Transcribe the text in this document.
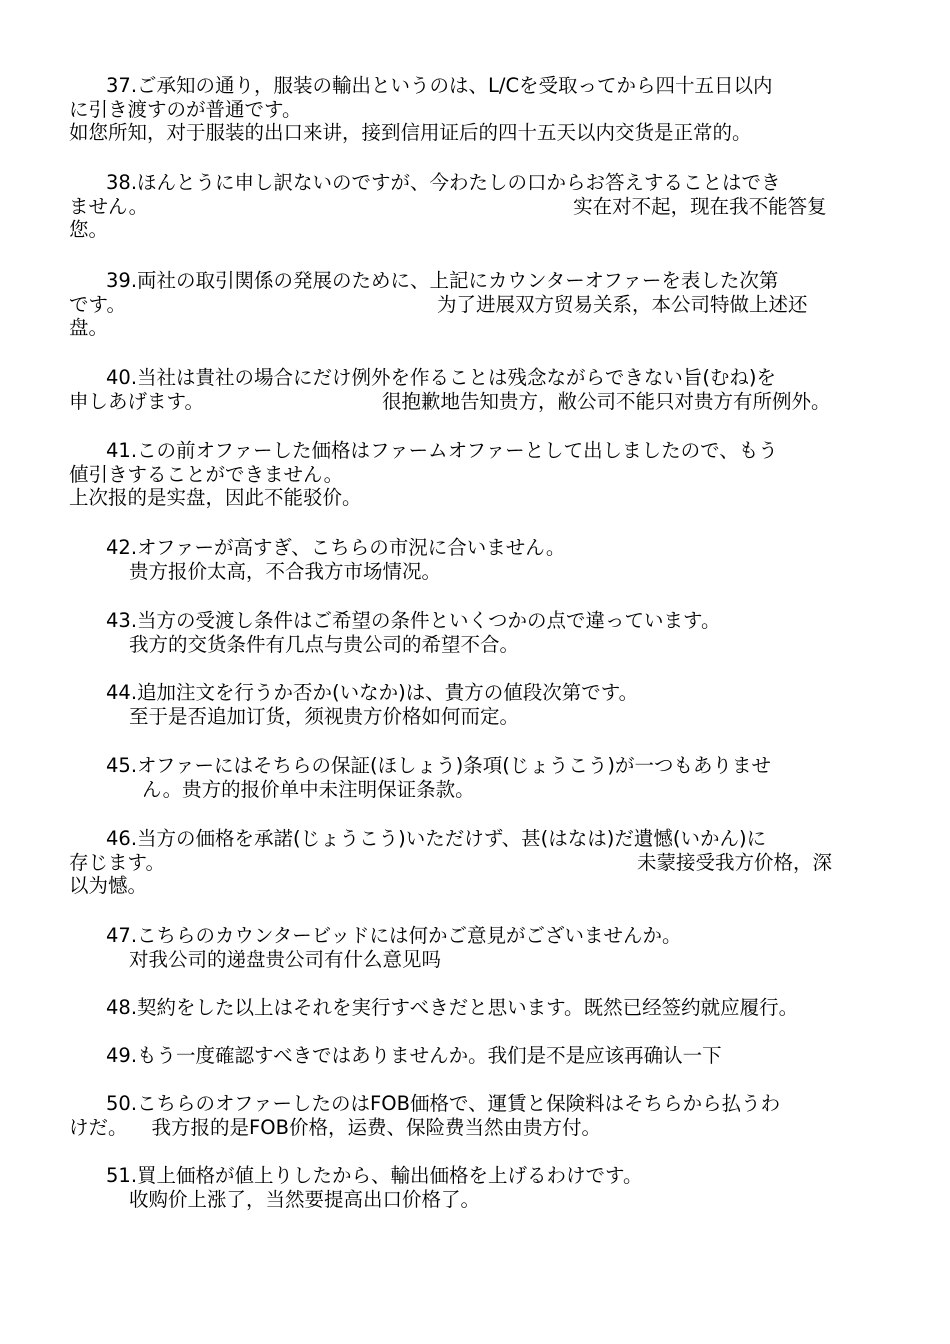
37.ご承知の通り，服装の輸出というのは、L/Cを受取ってから四十五日以内
に引き渡すのが普通です。
如您所知，对于服装的出口来讲，接到信用证后的四十五天以内交货是正常的。
38.ほんとうに申し訳ないのですが、今わたしの口からお答えすることはでき
ません。	实在对不起，现在我不能答复
您。
39.両社の取引関係の発展のために、上記にカウンターオファーを表した次第
です。	为了进展双方贸易关系，本公司特做上述还
盘。
40.当社は貴社の場合にだけ例外を作ることは残念ながらできない旨(むね)を
申しあげます。	很抱歉地告知贵方，敝公司不能只对贵方有所例外。
41.この前オファーした価格はファームオファーとして出しましたので、もう
値引きすることができません。
上次报的是实盘，因此不能驳价。
42.オファーが高すぎ、こちらの市況に合いません。
贵方报价太高，不合我方市场情况。
43.当方の受渡し条件はご希望の条件といくつかの点で違っています。
我方的交货条件有几点与贵公司的希望不合。
44.追加注文を行うか否か(いなか)は、貴方の値段次第です。
至于是否追加订货，须视贵方价格如何而定。
45.オファーにはそちらの保証(ほしょう)条項(じょうこう)が一つもありませ
ん。贵方的报价单中未注明保证条款。
46.当方の価格を承諾(じょうこう)いただけず、甚(はなは)だ遺憾(いかん)に
存じます。	未蒙接受我方价格，深
以为憾。
47.こちらのカウンタービッドには何かご意見がございませんか。
对我公司的递盘贵公司有什么意见吗
48.契約をした以上はそれを実行すべきだと思います。既然已经签约就应履行。
49.もう一度確認すべきではありませんか。我们是不是应该再确认一下
50.こちらのオファーしたのはFOB価格で、運賃と保険料はそちらから払うわ
けだ。 我方报的是FOB价格，运费、保险费当然由贵方付。
51.買上価格が値上りしたから、輸出価格を上げるわけです。
收购价上涨了，当然要提高出口价格了。
